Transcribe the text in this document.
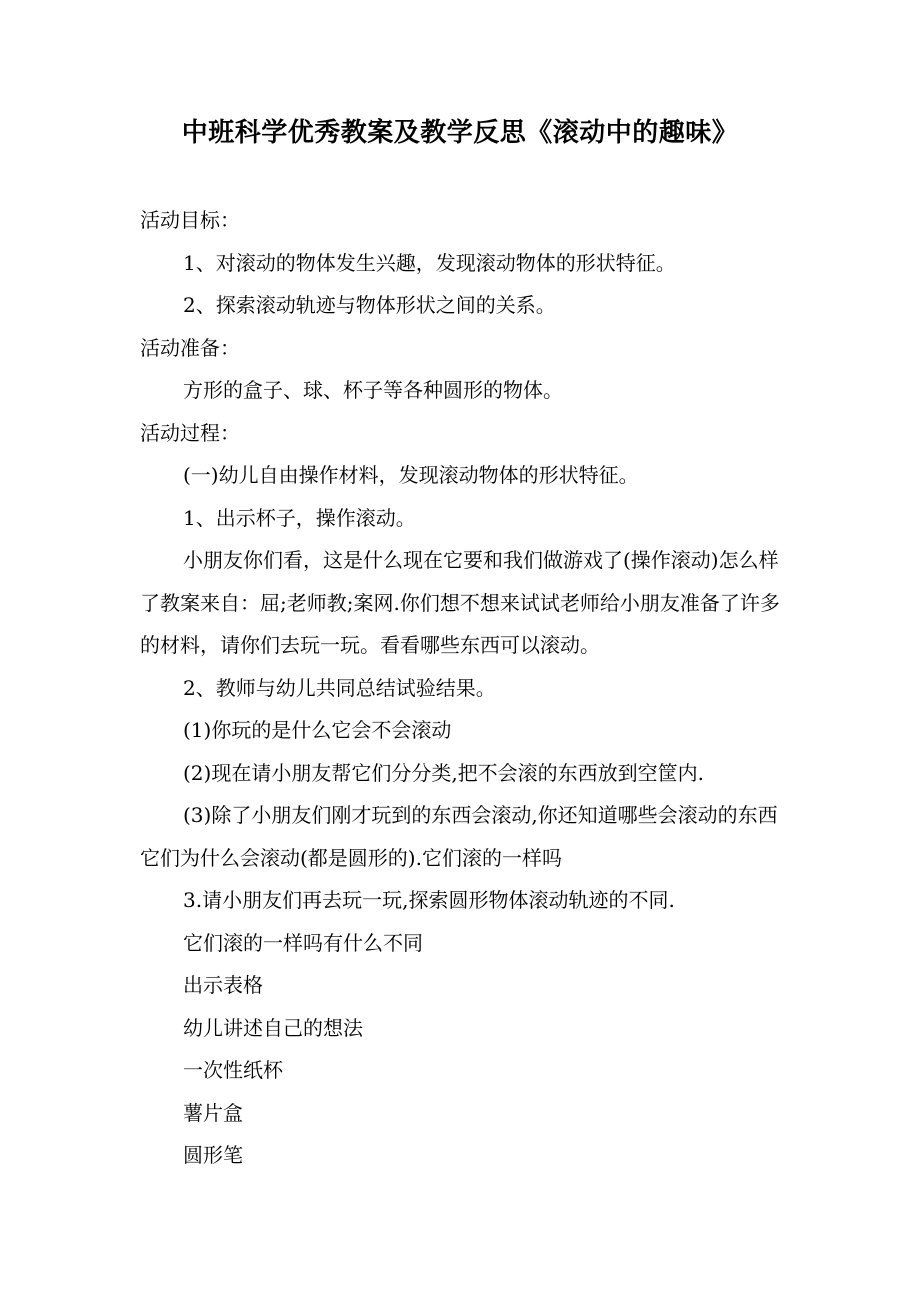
中班科学优秀教案及教学反思《滚动中的趣味》

活动目标：

1、对滚动的物体发生兴趣，发现滚动物体的形状特征。

2、探索滚动轨迹与物体形状之间的关系。

活动准备：

方形的盒子、球、杯子等各种圆形的物体。

活动过程：

(一)幼儿自由操作材料，发现滚动物体的形状特征。

1、出示杯子，操作滚动。

小朋友你们看，这是什么现在它要和我们做游戏了(操作滚动)怎么样了教案来自：屈;老师教;案网.你们想不想来试试老师给小朋友准备了许多的材料，请你们去玩一玩。看看哪些东西可以滚动。

2、教师与幼儿共同总结试验结果。

(1)你玩的是什么它会不会滚动

(2)现在请小朋友帮它们分分类,把不会滚的东西放到空筐内.

(3)除了小朋友们刚才玩到的东西会滚动,你还知道哪些会滚动的东西它们为什么会滚动(都是圆形的).它们滚的一样吗

3.请小朋友们再去玩一玩,探索圆形物体滚动轨迹的不同.

它们滚的一样吗有什么不同

出示表格

幼儿讲述自己的想法

一次性纸杯

薯片盒

圆形笔
